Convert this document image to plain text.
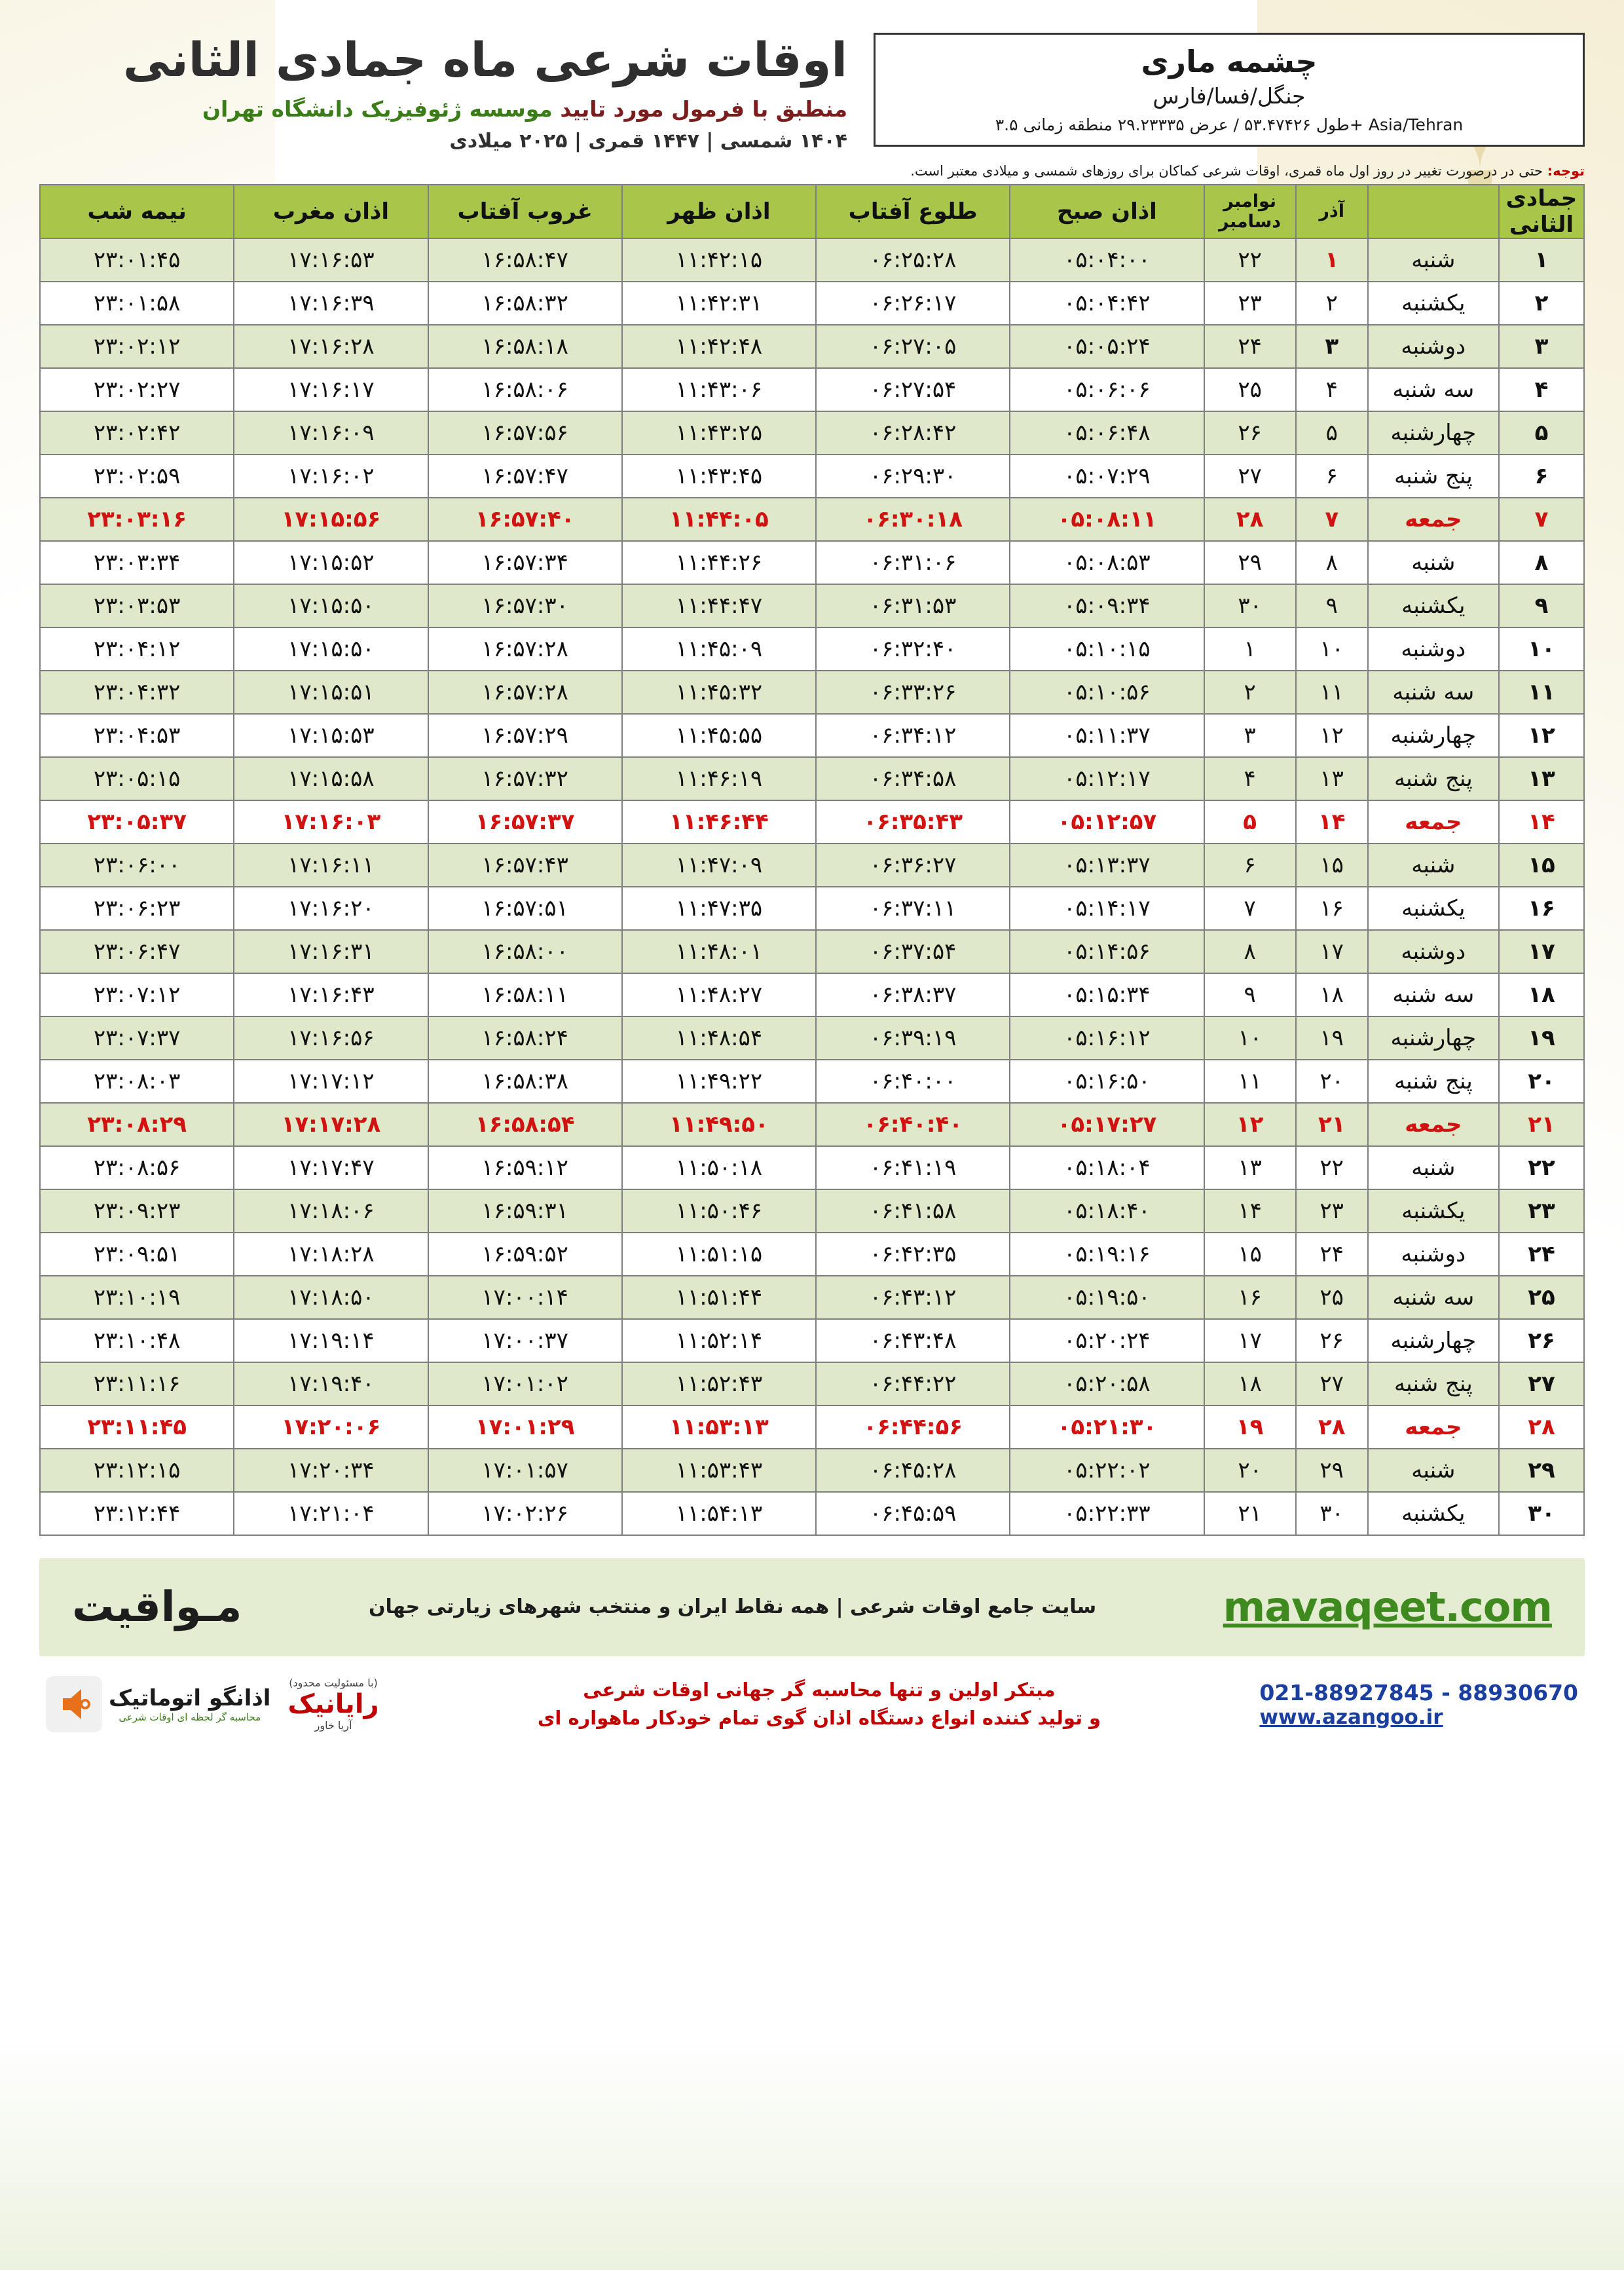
چشمه ماری
جنگل/فسا/فارس
طول ۵۳.۴۷۴۲۶ / عرض ۲۹.۲۳۳۳۵ منطقه زمانی ۳.۵+ Asia/Tehran
اوقات شرعی ماه جمادی الثانی
منطبق با فرمول مورد تایید موسسه ژئوفیزیک دانشگاه تهران
۱۴۰۴ شمسی | ۱۴۴۷ قمری | ۲۰۲۵ میلادی
توجه: حتی در درصورت تغییر در روز اول ماه قمری، اوقات شرعی کماکان برای روزهای شمسی و میلادی معتبر است.
جمادی الثانی		آذر	نوامبر دسامبر	اذان صبح	طلوع آفتاب	اذان ظهر	غروب آفتاب	اذان مغرب	نیمه شب
۱	شنبه	۱	۲۲	۰۵:۰۴:۰۰	۰۶:۲۵:۲۸	۱۱:۴۲:۱۵	۱۶:۵۸:۴۷	۱۷:۱۶:۵۳	۲۳:۰۱:۴۵
۲	یکشنبه	۲	۲۳	۰۵:۰۴:۴۲	۰۶:۲۶:۱۷	۱۱:۴۲:۳۱	۱۶:۵۸:۳۲	۱۷:۱۶:۳۹	۲۳:۰۱:۵۸
۳	دوشنبه	۳	۲۴	۰۵:۰۵:۲۴	۰۶:۲۷:۰۵	۱۱:۴۲:۴۸	۱۶:۵۸:۱۸	۱۷:۱۶:۲۸	۲۳:۰۲:۱۲
۴	سه شنبه	۴	۲۵	۰۵:۰۶:۰۶	۰۶:۲۷:۵۴	۱۱:۴۳:۰۶	۱۶:۵۸:۰۶	۱۷:۱۶:۱۷	۲۳:۰۲:۲۷
۵	چهارشنبه	۵	۲۶	۰۵:۰۶:۴۸	۰۶:۲۸:۴۲	۱۱:۴۳:۲۵	۱۶:۵۷:۵۶	۱۷:۱۶:۰۹	۲۳:۰۲:۴۲
۶	پنج شنبه	۶	۲۷	۰۵:۰۷:۲۹	۰۶:۲۹:۳۰	۱۱:۴۳:۴۵	۱۶:۵۷:۴۷	۱۷:۱۶:۰۲	۲۳:۰۲:۵۹
۷	جمعه	۷	۲۸	۰۵:۰۸:۱۱	۰۶:۳۰:۱۸	۱۱:۴۴:۰۵	۱۶:۵۷:۴۰	۱۷:۱۵:۵۶	۲۳:۰۳:۱۶
۸	شنبه	۸	۲۹	۰۵:۰۸:۵۳	۰۶:۳۱:۰۶	۱۱:۴۴:۲۶	۱۶:۵۷:۳۴	۱۷:۱۵:۵۲	۲۳:۰۳:۳۴
۹	یکشنبه	۹	۳۰	۰۵:۰۹:۳۴	۰۶:۳۱:۵۳	۱۱:۴۴:۴۷	۱۶:۵۷:۳۰	۱۷:۱۵:۵۰	۲۳:۰۳:۵۳
۱۰	دوشنبه	۱۰	۱	۰۵:۱۰:۱۵	۰۶:۳۲:۴۰	۱۱:۴۵:۰۹	۱۶:۵۷:۲۸	۱۷:۱۵:۵۰	۲۳:۰۴:۱۲
۱۱	سه شنبه	۱۱	۲	۰۵:۱۰:۵۶	۰۶:۳۳:۲۶	۱۱:۴۵:۳۲	۱۶:۵۷:۲۸	۱۷:۱۵:۵۱	۲۳:۰۴:۳۲
۱۲	چهارشنبه	۱۲	۳	۰۵:۱۱:۳۷	۰۶:۳۴:۱۲	۱۱:۴۵:۵۵	۱۶:۵۷:۲۹	۱۷:۱۵:۵۳	۲۳:۰۴:۵۳
۱۳	پنج شنبه	۱۳	۴	۰۵:۱۲:۱۷	۰۶:۳۴:۵۸	۱۱:۴۶:۱۹	۱۶:۵۷:۳۲	۱۷:۱۵:۵۸	۲۳:۰۵:۱۵
۱۴	جمعه	۱۴	۵	۰۵:۱۲:۵۷	۰۶:۳۵:۴۳	۱۱:۴۶:۴۴	۱۶:۵۷:۳۷	۱۷:۱۶:۰۳	۲۳:۰۵:۳۷
۱۵	شنبه	۱۵	۶	۰۵:۱۳:۳۷	۰۶:۳۶:۲۷	۱۱:۴۷:۰۹	۱۶:۵۷:۴۳	۱۷:۱۶:۱۱	۲۳:۰۶:۰۰
۱۶	یکشنبه	۱۶	۷	۰۵:۱۴:۱۷	۰۶:۳۷:۱۱	۱۱:۴۷:۳۵	۱۶:۵۷:۵۱	۱۷:۱۶:۲۰	۲۳:۰۶:۲۳
۱۷	دوشنبه	۱۷	۸	۰۵:۱۴:۵۶	۰۶:۳۷:۵۴	۱۱:۴۸:۰۱	۱۶:۵۸:۰۰	۱۷:۱۶:۳۱	۲۳:۰۶:۴۷
۱۸	سه شنبه	۱۸	۹	۰۵:۱۵:۳۴	۰۶:۳۸:۳۷	۱۱:۴۸:۲۷	۱۶:۵۸:۱۱	۱۷:۱۶:۴۳	۲۳:۰۷:۱۲
۱۹	چهارشنبه	۱۹	۱۰	۰۵:۱۶:۱۲	۰۶:۳۹:۱۹	۱۱:۴۸:۵۴	۱۶:۵۸:۲۴	۱۷:۱۶:۵۶	۲۳:۰۷:۳۷
۲۰	پنج شنبه	۲۰	۱۱	۰۵:۱۶:۵۰	۰۶:۴۰:۰۰	۱۱:۴۹:۲۲	۱۶:۵۸:۳۸	۱۷:۱۷:۱۲	۲۳:۰۸:۰۳
۲۱	جمعه	۲۱	۱۲	۰۵:۱۷:۲۷	۰۶:۴۰:۴۰	۱۱:۴۹:۵۰	۱۶:۵۸:۵۴	۱۷:۱۷:۲۸	۲۳:۰۸:۲۹
۲۲	شنبه	۲۲	۱۳	۰۵:۱۸:۰۴	۰۶:۴۱:۱۹	۱۱:۵۰:۱۸	۱۶:۵۹:۱۲	۱۷:۱۷:۴۷	۲۳:۰۸:۵۶
۲۳	یکشنبه	۲۳	۱۴	۰۵:۱۸:۴۰	۰۶:۴۱:۵۸	۱۱:۵۰:۴۶	۱۶:۵۹:۳۱	۱۷:۱۸:۰۶	۲۳:۰۹:۲۳
۲۴	دوشنبه	۲۴	۱۵	۰۵:۱۹:۱۶	۰۶:۴۲:۳۵	۱۱:۵۱:۱۵	۱۶:۵۹:۵۲	۱۷:۱۸:۲۸	۲۳:۰۹:۵۱
۲۵	سه شنبه	۲۵	۱۶	۰۵:۱۹:۵۰	۰۶:۴۳:۱۲	۱۱:۵۱:۴۴	۱۷:۰۰:۱۴	۱۷:۱۸:۵۰	۲۳:۱۰:۱۹
۲۶	چهارشنبه	۲۶	۱۷	۰۵:۲۰:۲۴	۰۶:۴۳:۴۸	۱۱:۵۲:۱۴	۱۷:۰۰:۳۷	۱۷:۱۹:۱۴	۲۳:۱۰:۴۸
۲۷	پنج شنبه	۲۷	۱۸	۰۵:۲۰:۵۸	۰۶:۴۴:۲۲	۱۱:۵۲:۴۳	۱۷:۰۱:۰۲	۱۷:۱۹:۴۰	۲۳:۱۱:۱۶
۲۸	جمعه	۲۸	۱۹	۰۵:۲۱:۳۰	۰۶:۴۴:۵۶	۱۱:۵۳:۱۳	۱۷:۰۱:۲۹	۱۷:۲۰:۰۶	۲۳:۱۱:۴۵
۲۹	شنبه	۲۹	۲۰	۰۵:۲۲:۰۲	۰۶:۴۵:۲۸	۱۱:۵۳:۴۳	۱۷:۰۱:۵۷	۱۷:۲۰:۳۴	۲۳:۱۲:۱۵
۳۰	یکشنبه	۳۰	۲۱	۰۵:۲۲:۳۳	۰۶:۴۵:۵۹	۱۱:۵۴:۱۳	۱۷:۰۲:۲۶	۱۷:۲۱:۰۴	۲۳:۱۲:۴۴
mavaqeet.com
سایت جامع اوقات شرعی | همه نقاط ایران و منتخب شهرهای زیارتی جهان
مـواقیت
021-88927845 - 88930670
www.azangoo.ir
مبتکر اولین و تنها محاسبه گر جهانی اوقات شرعی
و تولید کننده انواع دستگاه اذان گوی تمام خودکار ماهواره ای
(با مسئولیت محدود)
رایانیک
آریا خاور
اذانگو اتوماتیک
محاسبه گر لحظه ای اوقات شرعی
